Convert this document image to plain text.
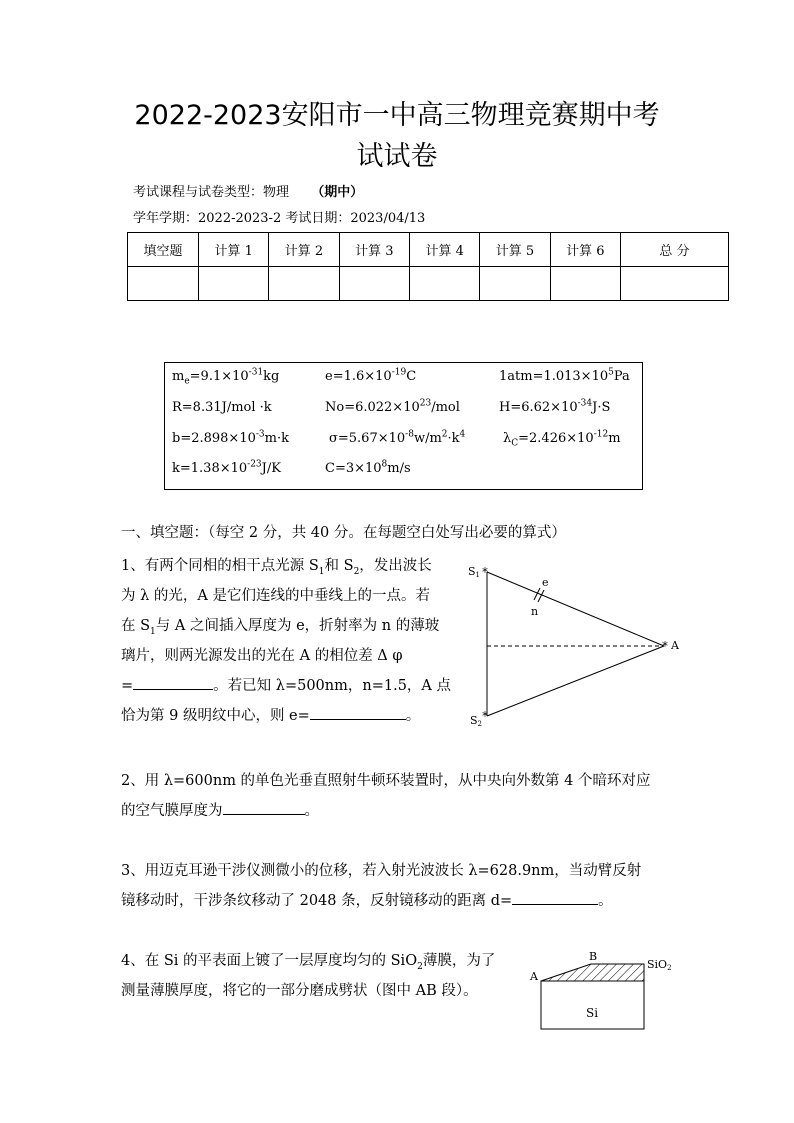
2022-2023安阳市一中高三物理竞赛期中考
试试卷
考试课程与试卷类型：物理 （期中）
学年学期：2022-2023-2 考试日期：2023/04/13
填空题	计算 1	计算 2	计算 3	计算 4	计算 5	计算 6	总 分

$m_e=9.1\times 10^{-31}kg$	$e=1.6\times 10^{-19}C$	$1atm=1.013\times 10^5Pa$
R=8.31J/mol ·k	$No=6.022\times 10^{23}$/mol	$H=6.62\times 10^{-34}J\cdot S$
$b=2.898\times 10^{-3}m\cdot k$	$\sigma=5.67\times 10^{-8}w/m^2\cdot k^4$	$\lambda_C=2.426\times 10^{-12}m$
$k=1.38\times 10^{-23}J/K$	$C=3\times 10^8m/s$
一、填空题：（每空 2 分，共 40 分。在每题空白处写出必要的算式）
1、有两个同相的相干点光源 $S_1$和 $S_2$，发出波长
为 λ 的光，A 是它们连线的中垂线上的一点。若
在 $S_1$与 A 之间插入厚度为 e，折射率为 n 的薄玻
璃片，则两光源发出的光在 A 的相位差 Δ φ
=	。若已知 λ=500nm，n=1.5，A 点
恰为第 9 级明纹中心，则 e=	。
*
*
*
S1
S2
A
e
n
2、用 λ=600nm 的单色光垂直照射牛顿环装置时，从中央向外数第 4 个暗环对应
的空气膜厚度为	。
3、用迈克耳逊干涉仪测微小的位移，若入射光波波长 λ=628.9nm，当动臂反射
镜移动时，干涉条纹移动了 2048 条，反射镜移动的距离 d=	。
4、在 Si 的平表面上镀了一层厚度均匀的 SiO$_2$薄膜，为了
测量薄膜厚度，将它的一部分磨成劈状（图中 AB 段）。
A
B
SiO2
Si
